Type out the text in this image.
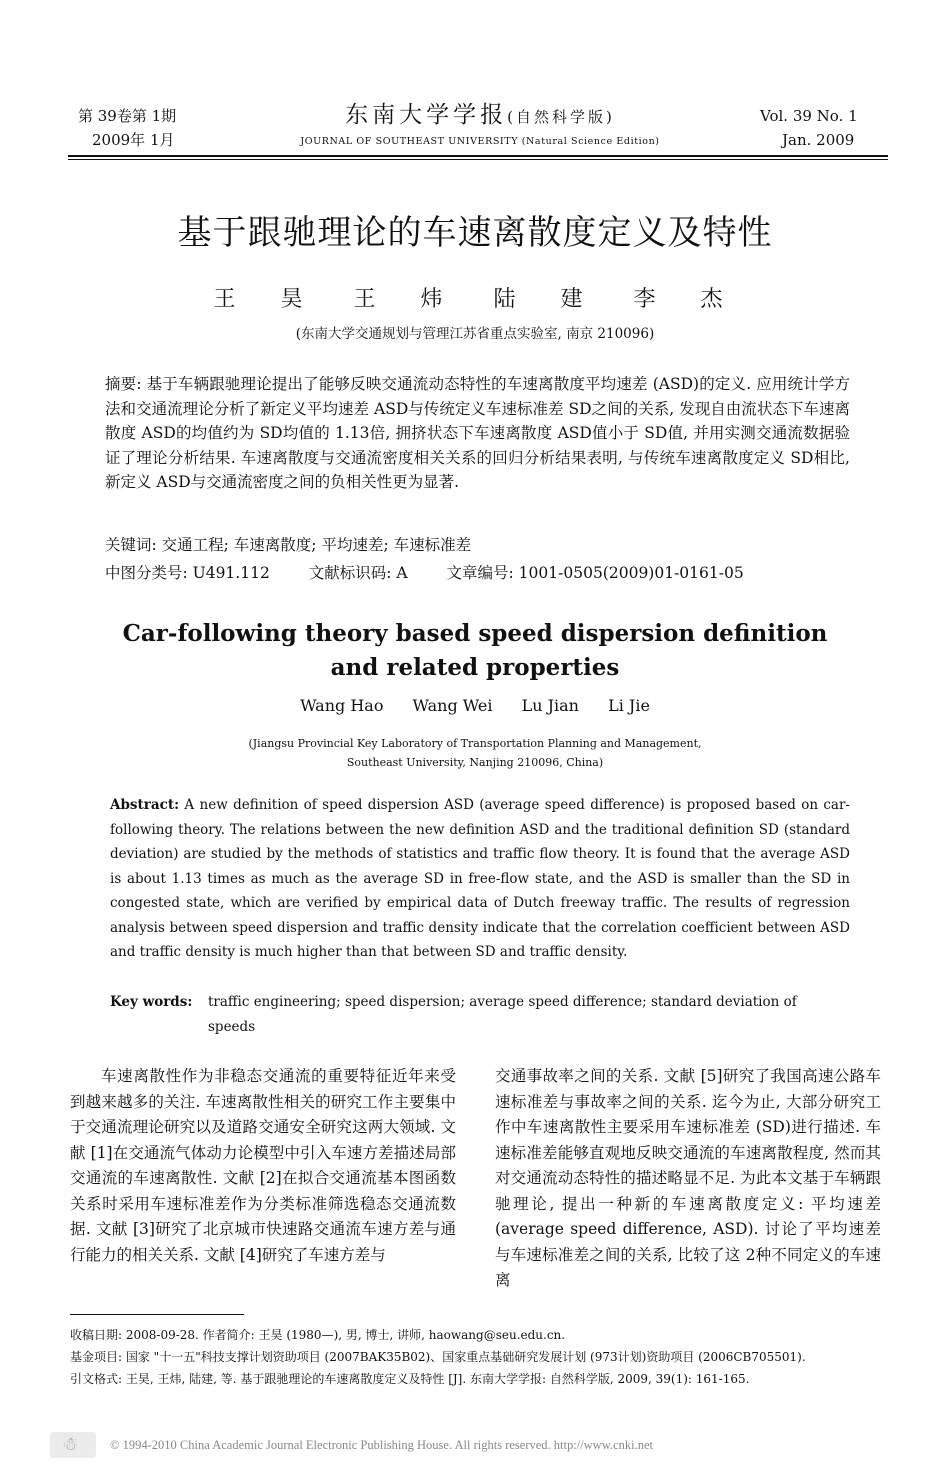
第 39卷第 1期
2009年 1月
东南大学学报(自然科学版)
JOURNAL OF SOUTHEAST UNIVERSITY (Natural Science Edition)
Vol. 39 No. 1
Jan. 2009
基于跟驰理论的车速离散度定义及特性
王 昊 王 炜 陆 建 李 杰
(东南大学交通规划与管理江苏省重点实验室, 南京 210096)
摘要: 基于车辆跟驰理论提出了能够反映交通流动态特性的车速离散度平均速差 (ASD)的定义. 应用统计学方法和交通流理论分析了新定义平均速差 ASD与传统定义车速标准差 SD之间的关系, 发现自由流状态下车速离散度 ASD的均值约为 SD均值的 1.13倍, 拥挤状态下车速离散度 ASD值小于 SD值, 并用实测交通流数据验证了理论分析结果. 车速离散度与交通流密度相关关系的回归分析结果表明, 与传统车速离散度定义 SD相比, 新定义 ASD与交通流密度之间的负相关性更为显著.
关键词: 交通工程; 车速离散度; 平均速差; 车速标准差
中图分类号: U491.112	文献标识码: A	文章编号: 1001-0505(2009)01-0161-05
Car-following theory based speed dispersion definition
and related properties
Wang Hao Wang Wei Lu Jian Li Jie
(Jiangsu Provincial Key Laboratory of Transportation Planning and Management,
Southeast University, Nanjing 210096, China)
Abstract: A new definition of speed dispersion ASD (average speed difference) is proposed based on car-following theory. The relations between the new definition ASD and the traditional definition SD (standard deviation) are studied by the methods of statistics and traffic flow theory. It is found that the average ASD is about 1.13 times as much as the average SD in free-flow state, and the ASD is smaller than the SD in congested state, which are verified by empirical data of Dutch freeway traffic. The results of regression analysis between speed dispersion and traffic density indicate that the correlation coefficient between ASD and traffic density is much higher than that between SD and traffic density.
Key words: traffic engineering; speed dispersion; average speed difference; standard deviation of speeds
车速离散性作为非稳态交通流的重要特征近年来受到越来越多的关注. 车速离散性相关的研究工作主要集中于交通流理论研究以及道路交通安全研究这两大领域. 文献 [1]在交通流气体动力论模型中引入车速方差描述局部交通流的车速离散性. 文献 [2]在拟合交通流基本图函数关系时采用车速标准差作为分类标准筛选稳态交通流数据. 文献 [3]研究了北京城市快速路交通流车速方差与通行能力的相关关系. 文献 [4]研究了车速方差与
交通事故率之间的关系. 文献 [5]研究了我国高速公路车速标准差与事故率之间的关系. 迄今为止, 大部分研究工作中车速离散性主要采用车速标准差 (SD)进行描述. 车速标准差能够直观地反映交通流的车速离散程度, 然而其对交通流动态特性的描述略显不足. 为此本文基于车辆跟驰理论, 提出一种新的车速离散度定义: 平均速差 (average speed difference, ASD). 讨论了平均速差与车速标准差之间的关系, 比较了这 2种不同定义的车速离
收稿日期: 2008-09-28. 作者简介: 王昊 (1980—), 男, 博士, 讲师, haowang@seu.edu.cn.
基金项目: 国家 "十一五"科技支撑计划资助项目 (2007BAK35B02)、国家重点基础研究发展计划 (973计划)资助项目 (2006CB705501).
引文格式: 王昊, 王炜, 陆建, 等. 基于跟驰理论的车速离散度定义及特性 [J]. 东南大学学报: 自然科学版, 2009, 39(1): 161-165.
☃
© 1994-2010 China Academic Journal Electronic Publishing House. All rights reserved. http://www.cnki.net
